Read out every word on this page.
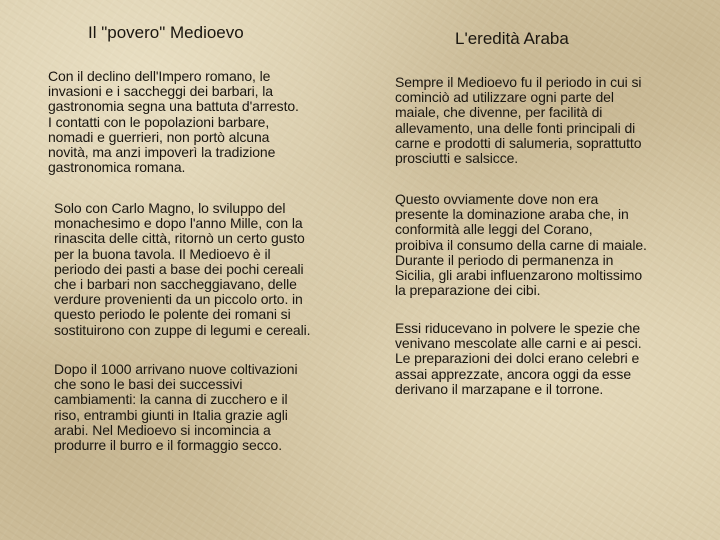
Il "povero" Medioevo

Con il declino dell'Impero romano, le
invasioni e i saccheggi dei barbari, la
gastronomia segna una battuta d'arresto.
I contatti con le popolazioni barbare,
nomadi e guerrieri, non portò alcuna
novità, ma anzi impoverì la tradizione
gastronomica romana.

Solo con Carlo Magno, lo sviluppo del
monachesimo e dopo l'anno Mille, con la
rinascita delle città, ritornò un certo gusto
per la buona tavola. Il Medioevo è il
periodo dei pasti a base dei pochi cereali
che i barbari non saccheggiavano, delle
verdure provenienti da un piccolo orto. in
questo periodo le polente dei romani si
sostituirono con zuppe di legumi e cereali.

Dopo il 1000 arrivano nuove coltivazioni
che sono le basi dei successivi
cambiamenti: la canna di zucchero e il
riso, entrambi giunti in Italia grazie agli
arabi. Nel Medioevo si incomincia a
produrre il burro e il formaggio secco.

L'eredità Araba

Sempre il Medioevo fu il periodo in cui si
cominciò ad utilizzare ogni parte del
maiale, che divenne, per facilità di
allevamento, una delle fonti principali di
carne e prodotti di salumeria, soprattutto
prosciutti e salsicce.

Questo ovviamente dove non era
presente la dominazione araba che, in
conformità alle leggi del Corano,
proibiva il consumo della carne di maiale.
Durante il periodo di permanenza in
Sicilia, gli arabi influenzarono moltissimo
la preparazione dei cibi.

Essi riducevano in polvere le spezie che
venivano mescolate alle carni e ai pesci.
Le preparazioni dei dolci erano celebri e
assai apprezzate, ancora oggi da esse
derivano il marzapane e il torrone.
